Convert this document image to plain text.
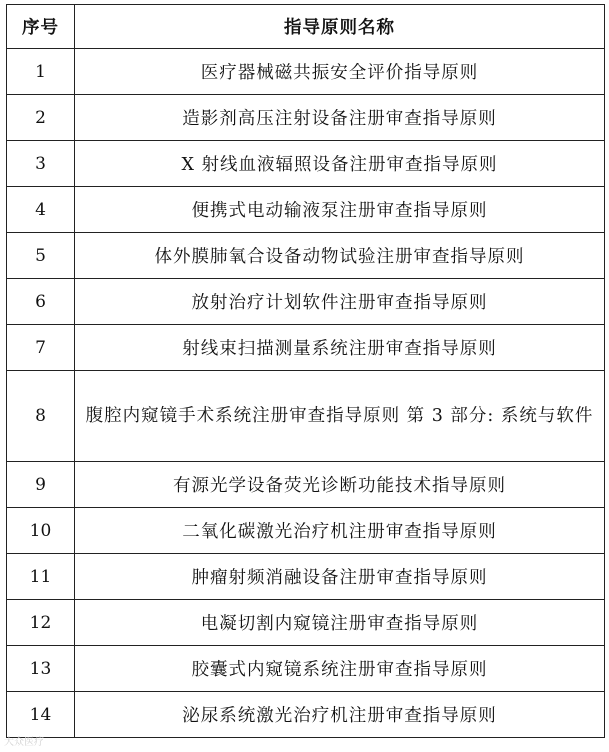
序号	指导原则名称
1	医疗器械磁共振安全评价指导原则
2	造影剂高压注射设备注册审查指导原则
3	X 射线血液辐照设备注册审查指导原则
4	便携式电动输液泵注册审查指导原则
5	体外膜肺氧合设备动物试验注册审查指导原则
6	放射治疗计划软件注册审查指导原则
7	射线束扫描测量系统注册审查指导原则
8	腹腔内窥镜手术系统注册审查指导原则 第 3 部分: 系统与软件
9	有源光学设备荧光诊断功能技术指导原则
10	二氧化碳激光治疗机注册审查指导原则
11	肿瘤射频消融设备注册审查指导原则
12	电凝切割内窥镜注册审查指导原则
13	胶囊式内窥镜系统注册审查指导原则
14	泌尿系统激光治疗机注册审查指导原则
大众医疗
